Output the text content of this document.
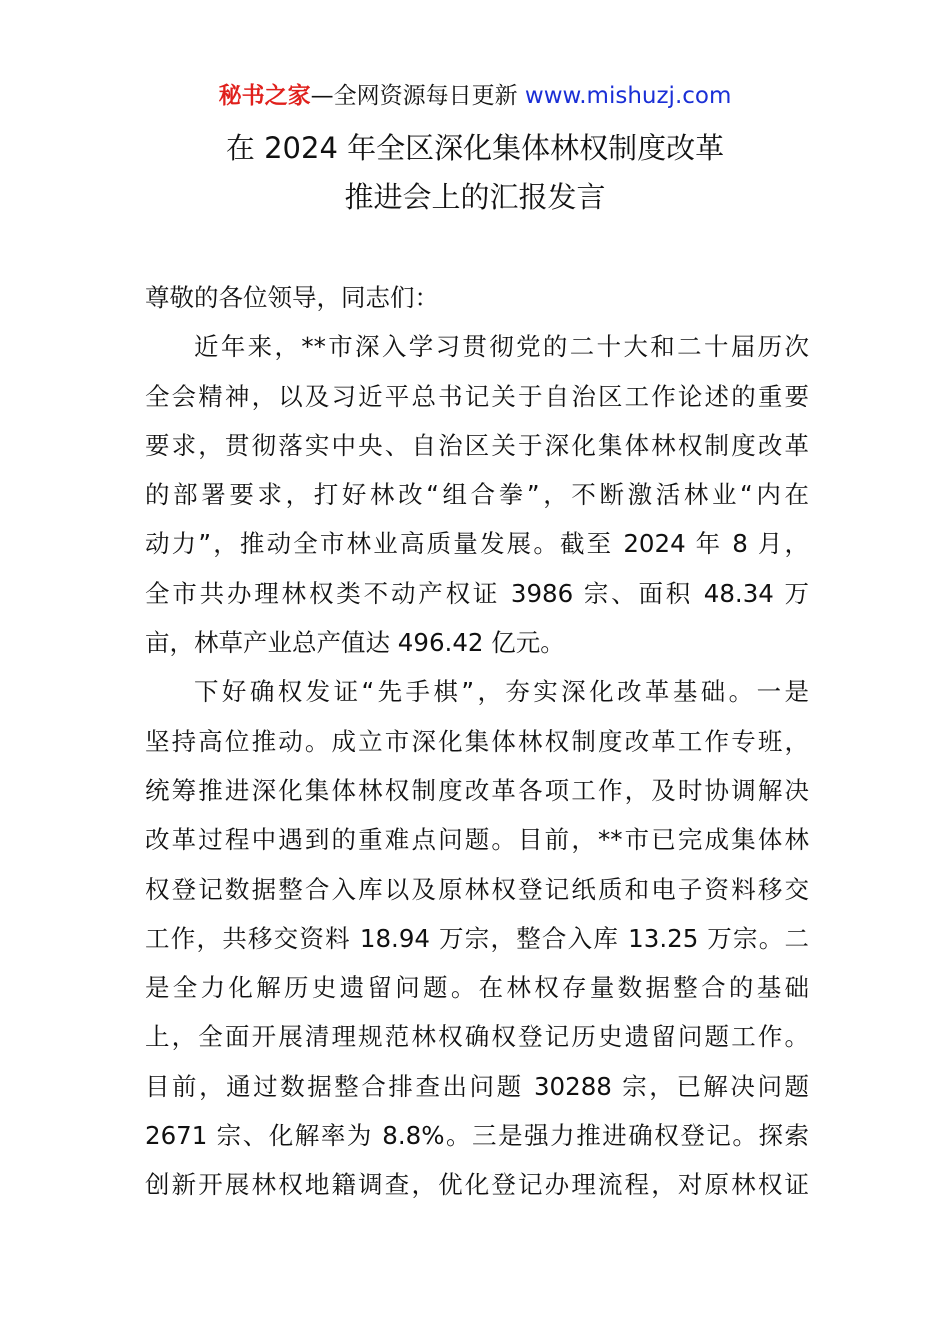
秘书之家—全网资源每日更新 www.mishuzj.com
在 2024 年全区深化集体林权制度改革
推进会上的汇报发言
尊敬的各位领导，同志们：
近年来，**市深入学习贯彻党的二十大和二十届历次
全会精神，以及习近平总书记关于自治区工作论述的重要
要求，贯彻落实中央、自治区关于深化集体林权制度改革
的部署要求，打好林改“组合拳”，不断激活林业“内在
动力”，推动全市林业高质量发展。截至 2024 年 8 月，
全市共办理林权类不动产权证 3986 宗、面积 48.34 万
亩，林草产业总产值达 496.42 亿元。
下好确权发证“先手棋”，夯实深化改革基础。一是
坚持高位推动。成立市深化集体林权制度改革工作专班，
统筹推进深化集体林权制度改革各项工作，及时协调解决
改革过程中遇到的重难点问题。目前，**市已完成集体林
权登记数据整合入库以及原林权登记纸质和电子资料移交
工作，共移交资料 18.94 万宗，整合入库 13.25 万宗。二
是全力化解历史遗留问题。在林权存量数据整合的基础
上，全面开展清理规范林权确权登记历史遗留问题工作。
目前，通过数据整合排查出问题 30288 宗，已解决问题
2671 宗、化解率为 8.8%。三是强力推进确权登记。探索
创新开展林权地籍调查，优化登记办理流程，对原林权证
